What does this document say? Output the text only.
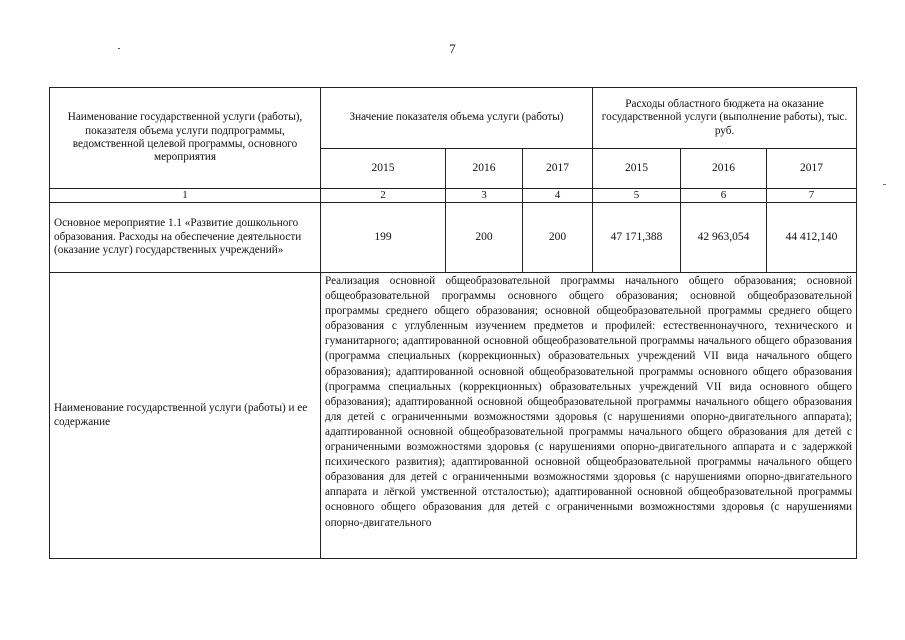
7
Наименование государственной услуги (работы), показателя объема услуги подпрограммы, ведомственной целевой программы, основного мероприятия	Значение показателя объема услуги (работы)			Расходы областного бюджета на оказание государственной услуги (выполнение работы), тыс. руб.		
	2015	2016	2017	2015	2016	2017
1	2	3	4	5	6	7
Основное мероприятие 1.1 «Развитие дошкольного образования. Расходы на обеспечение деятельности (оказание услуг) государственных учреждений»	199	200	200	47 171,388	42 963,054	44 412,140
Наименование государственной услуги (работы) и ее содержание	Реализация основной общеобразовательной программы начального общего образования; основной общеобразовательной программы основного общего образования; основной общеобразовательной программы среднего общего образования; основной общеобразовательной программы среднего общего образования с углубленным изучением предметов и профилей: естественнонаучного, технического и гуманитарного; адаптированной основной общеобразовательной программы начального общего образования (программа специальных (коррекционных) образовательных учреждений VII вида начального общего образования); адаптированной основной общеобразовательной программы основного общего образования (программа специальных (коррекционных) образовательных учреждений VII вида основного общего образования); адаптированной основной общеобразовательной программы начального общего образования для детей с ограниченными возможностями здоровья (с нарушениями опорно-двигательного аппарата); адаптированной основной общеобразовательной программы начального общего образования для детей с ограниченными возможностями здоровья (с нарушениями опорно-двигательного аппарата и с задержкой психического развития); адаптированной основной общеобразовательной программы начального общего образования для детей с ограниченными возможностями здоровья (с нарушениями опорно-двигательного аппарата и лёгкой умственной отсталостью); адаптированной основной общеобразовательной программы основного общего образования для детей с ограниченными возможностями здоровья (с нарушениями опорно-двигательного					
